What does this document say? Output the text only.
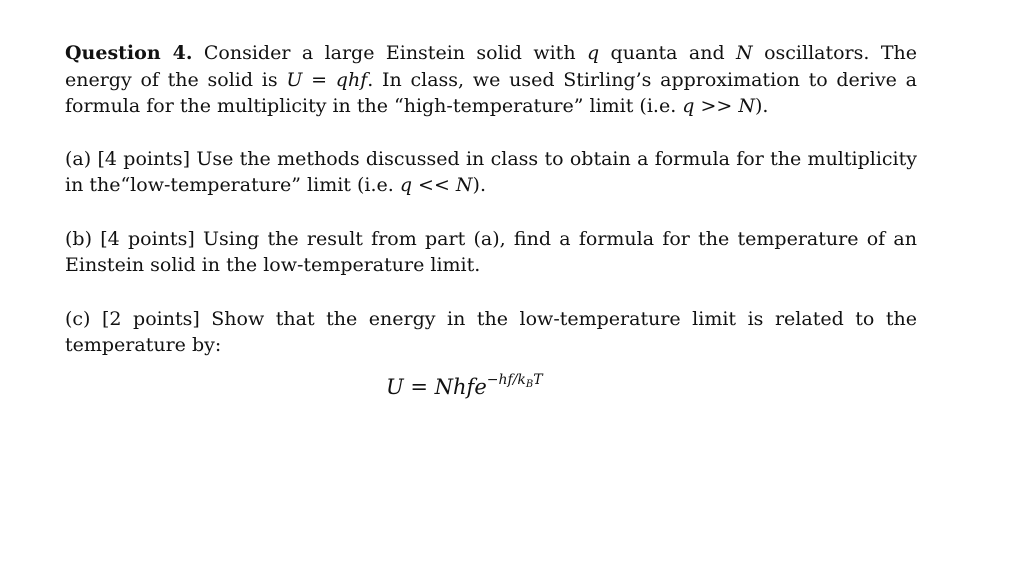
Question 4. Consider a large Einstein solid with q quanta and N oscillators. The energy of the solid is U = qhf. In class, we used Stirling’s approximation to derive a formula for the multiplicity in the “high-temperature” limit (i.e. q >> N).

(a) [4 points] Use the methods discussed in class to obtain a formula for the multiplicity in the“low-temperature” limit (i.e. q << N).

(b) [4 points] Using the result from part (a), find a formula for the temperature of an Einstein solid in the low-temperature limit.

(c) [2 points] Show that the energy in the low-temperature limit is related to the temperature by:

U = Nhfe$^{-hf/k_BT}$
